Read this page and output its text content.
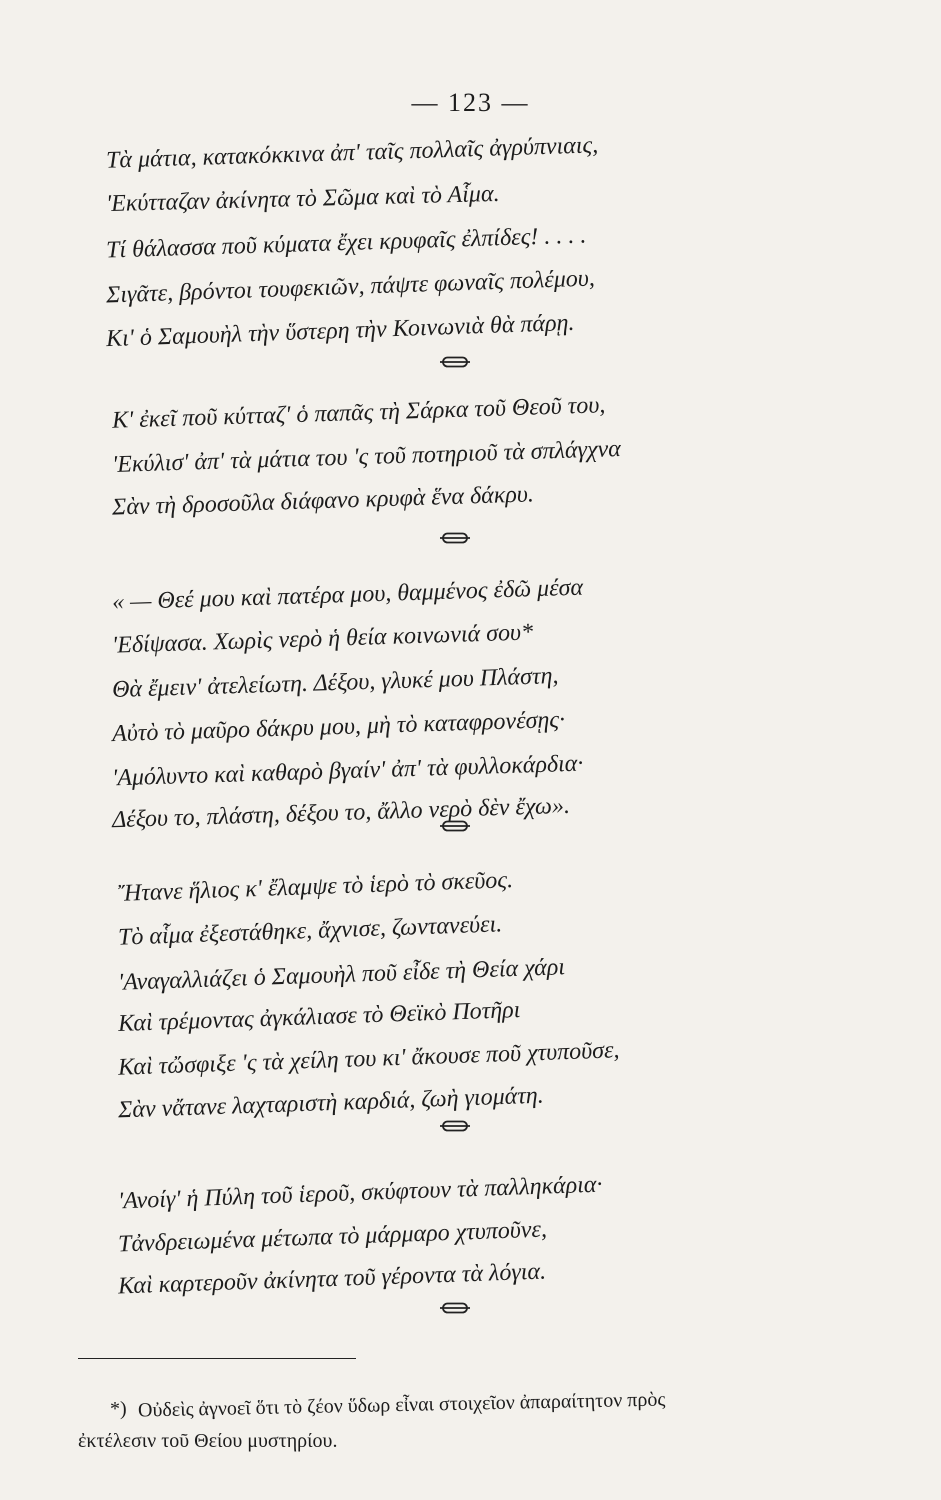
— 123 —
Τὰ μάτια, κατακόκκινα ἀπ' ταῖς πολλαῖς ἀγρύπνιαις,
'Εκύτταζαν ἀκίνητα τὸ Σῶμα καὶ τὸ Αἷμα.
Τί θάλασσα ποῦ κύματα ἔχει κρυφαῖς ἐλπίδες! . . . .
Σιγᾶτε, βρόντοι τουφεκιῶν, πάψτε φωναῖς πολέμου,
Κι' ὁ Σαμουὴλ τὴν ὕστερη τὴν Κοινωνιὰ θὰ πάρῃ.
Κ' ἐκεῖ ποῦ κύτταζ' ὁ παπᾶς τὴ Σάρκα τοῦ Θεοῦ του,
'Εκύλισ' ἀπ' τὰ μάτια του 'ς τοῦ ποτηριοῦ τὰ σπλάγχνα
Σὰν τὴ δροσοῦλα διάφανο κρυφὰ ἕνα δάκρυ.
« — Θεέ μου καὶ πατέρα μου, θαμμένος ἐδῶ μέσα
'Εδίψασα. Χωρὶς νερὸ ἡ θεία κοινωνιά σου*
Θὰ ἔμειν' ἀτελείωτη. Δέξου, γλυκέ μου Πλάστη,
Αὐτὸ τὸ μαῦρο δάκρυ μου, μὴ τὸ καταφρονέσῃς·
'Αμόλυντο καὶ καθαρὸ βγαίν' ἀπ' τὰ φυλλοκάρδια·
Δέξου το, πλάστη, δέξου το, ἄλλο νερὸ δὲν ἔχω».
Ἤτανε ἥλιος κ' ἔλαμψε τὸ ἱερὸ τὸ σκεῦος.
Τὸ αἷμα ἐξεστάθηκε, ἄχνισε, ζωντανεύει.
'Αναγαλλιάζει ὁ Σαμουὴλ ποῦ εἶδε τὴ Θεία χάρι
Καὶ τρέμοντας ἀγκάλιασε τὸ Θεϊκὸ Ποτῆρι
Καὶ τὤσφιξε 'ς τὰ χείλη του κι' ἄκουσε ποῦ χτυποῦσε,
Σὰν νἄτανε λαχταριστὴ καρδιά, ζωὴ γιομάτη.
'Ανοίγ' ἡ Πύλη τοῦ ἱεροῦ, σκύφτουν τὰ παλληκάρια·
Τἀνδρειωμένα μέτωπα τὸ μάρμαρο χτυποῦνε,
Καὶ καρτεροῦν ἀκίνητα τοῦ γέροντα τὰ λόγια.
*) Οὐδεὶς ἀγνοεῖ ὅτι τὸ ζέον ὕδωρ εἶναι στοιχεῖον ἀπαραίτητον πρὸς
ἐκτέλεσιν τοῦ Θείου μυστηρίου.
